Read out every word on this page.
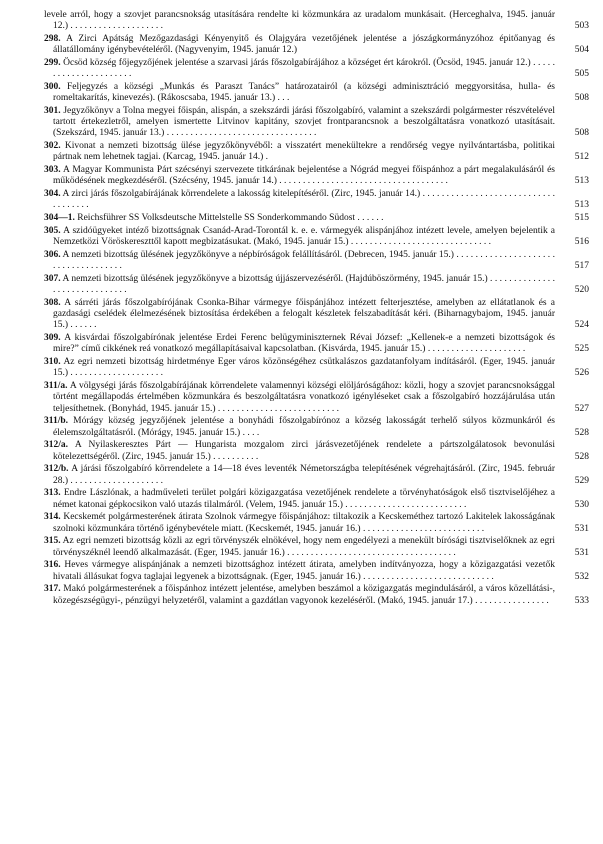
levele arról, hogy a szovjet parancsnokság utasítására rendelte ki közmunkára az uradalom munkásait. (Herceghalva, 1945. január 12.) . . . . . . . . . . . . . . . . . . . .	503
298. A Zirci Apátság Mezőgazdasági Kényenyitő és Olajgyára vezetőjének jelentése a jószágkormányzóhoz épitőanyag és állatállomány igénybevételéről. (Nagyvenyim, 1945. január 12.)	504
299. Öcsöd község főjegyzőjének jelentése a szarvasi járás főszolgabírájához a községet ért károkról. (Öcsöd, 1945. január 12.) . . . . . . . . . . . . . . . . . . . . . .	505
300. Feljegyzés a községi „Munkás és Paraszt Tanács” határozatairól (a községi adminisztráció meggyorsitása, hulla- és romeltakarítás, kinevezés). (Rákoscsaba, 1945. január 13.) . . .	508
301. Jegyzőkönyv a Tolna megyei főispán, alispán, a szekszárdi járási főszolgabíró, valamint a szekszárdi polgármester részvételével tartott értekezletről, amelyen ismertette Litvinov kapitány, szovjet frontparancsnok a beszolgáltatásra vonatkozó utasításait. (Szekszárd, 1945. január 13.) . . . . . . . . . . . . . . . . . . . . . . . . . . . . . . . .	508
302. Kivonat a nemzeti bizottság ülése jegyzőkönyvéből: a visszatért menekültekre a rendőrség vegye nyilvántartásba, politikai pártnak nem lehetnek tagjai. (Karcag, 1945. január 14.) .	512
303. A Magyar Kommunista Párt szécsényi szervezete titkárának bejelentése a Nógrád megyei főispánhoz a párt megalakulásáról és működésének megkezdéséről. (Szécsény, 1945. január 14.) . . . . . . . . . . . . . . . . . . . . . . . . . . . . . . . . . . . .	513
304. A zirci járás főszolgabírájának körrendelete a lakosság kitelepítéséről. (Zirc, 1945. január 14.) . . . . . . . . . . . . . . . . . . . . . . . . . . . . . . . . . . . .	513
304—1. Reichsführer SS Volksdeutsche Mittelstelle SS Sonderkommando Südost . . . . . .	515
305. A szidóügyeket intéző bizottságnak Csanád-Arad-Torontál k. e. e. vármegyék alispánjához intézett levele, amelyen bejelentik a Nemzetközi Vöröskereszttől kapott megbizatásukat. (Makó, 1945. január 15.) . . . . . . . . . . . . . . . . . . . . . . . . . . . . . .	516
306. A nemzeti bizottság ülésének jegyzőkönyve a népbíróságok felállításáról. (Debrecen, 1945. január 15.) . . . . . . . . . . . . . . . . . . . . . . . . . . . . . . . . . . . .	517
307. A nemzeti bizottság ülésének jegyzőkönyve a bizottság újjászervezéséről. (Hajdúböszörmény, 1945. január 15.) . . . . . . . . . . . . . . . . . . . . . . . . . . . . . .	520
308. A sárréti járás főszolgabírójának Csonka-Bihar vármegye főispánjához intézett felterjesztése, amelyben az ellátatlanok és a gazdasági cselédek élelmezésének biztosítása érdekében a felogalt készletek felszabadítását kéri. (Biharnagybajom, 1945. január 15.) . . . . . .	524
309. A kisvárdai főszolgabírónak jelentése Erdei Ferenc belügyminiszternek Révai József: „Kellenek-e a nemzeti bizottságok és mire?” című cikkének reá vonatkozó megállapításaival kapcsolatban. (Kisvárda, 1945. január 15.) . . . . . . . . . . . . . . . . . . . . .	525
310. Az egri nemzeti bizottság hirdetménye Eger város közönségéhez csütkalászos gazdatanfolyam indításáról. (Eger, 1945. január 15.) . . . . . . . . . . . . . . . . . . . .	526
311/a. A völgységi járás főszolgabírájának körrendelete valamennyi községi elöljáróságához: közli, hogy a szovjet parancsnoksággal történt megállapodás értelmében közmunkára és beszolgáltatásra vonatkozó igényléseket csak a főszolgabíró hozzájárulása után teljesíthetnek. (Bonyhád, 1945. január 15.) . . . . . . . . . . . . . . . . . . . . . . . . . .	527
311/b. Mórágy község jegyzőjének jelentése a bonyhádi főszolgabírónoz a község lakosságát terhelő súlyos közmunkáról és élelemszolgáltatásról. (Mórágy, 1945. január 15.) . . . .	528
312/a. A Nyilaskeresztes Párt — Hungarista mozgalom zirci járásvezetőjének rendelete a pártszolgálatosok bevonulási kötelezettségéről. (Zirc, 1945. január 15.) . . . . . . . . . .	528
312/b. A járási főszolgabíró körrendelete a 14—18 éves leventék Németországba telepítésének végrehajtásáról. (Zirc, 1945. február 28.) . . . . . . . . . . . . . . . . . . . .	529
313. Endre Lászlónak, a hadműveleti terület polgári közigazgatása vezetőjének rendelete a törvényhatóságok első tisztviselőjéhez a német katonai gépkocsikon való utazás tilalmáról. (Velem, 1945. január 15.) . . . . . . . . . . . . . . . . . . . . . . . . . .	530
314. Kecskemét polgármesterének átirata Szolnok vármegye főispánjához: tiltakozik a Kecskeméthez tartozó Lakitelek lakosságának szolnoki közmunkára történő igénybevétele miatt. (Kecskemét, 1945. január 16.) . . . . . . . . . . . . . . . . . . . . . . . . . .	531
315. Az egri nemzeti bizottság közli az egri törvényszék elnökével, hogy nem engedélyezi a menekült bírósági tisztviselőknek az egri törvényszéknél leendő alkalmazását. (Eger, 1945. január 16.) . . . . . . . . . . . . . . . . . . . . . . . . . . . . . . . . . . . .	531
316. Heves vármegye alispánjának a nemzeti bizottsághoz intézett átirata, amelyben indítványozza, hogy a közigazgatási vezetők hivatali állásukat fogva taglajai legyenek a bizottságnak. (Eger, 1945. január 16.) . . . . . . . . . . . . . . . . . . . . . . . . . . . .	532
317. Makó polgármesterének a főispánhoz intézett jelentése, amelyben beszámol a közigazgatás megindulásáról, a város közellátási-, közegészségügyi-, pénzügyi helyzetéről, valamint a gazdátlan vagyonok kezeléséről. (Makó, 1945. január 17.) . . . . . . . . . . . . . . . .	533
